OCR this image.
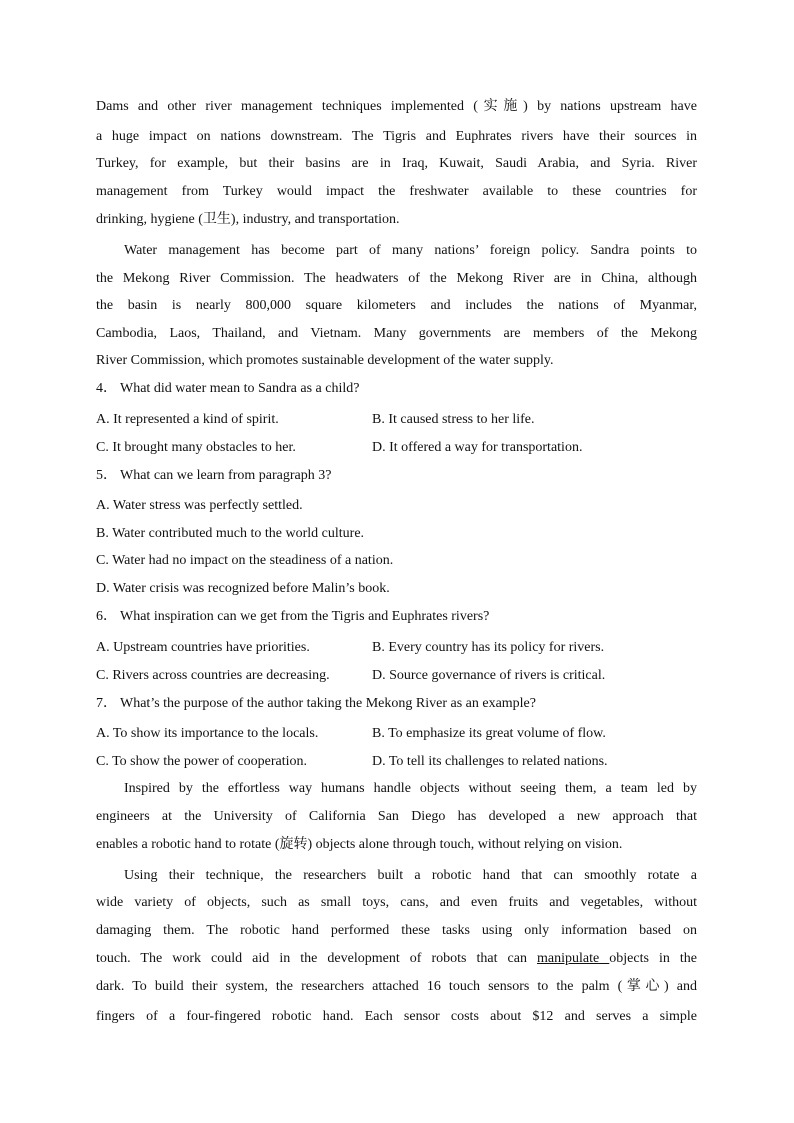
Dams and other river management techniques implemented (实施) by nations upstream have
a huge impact on nations downstream. The Tigris and Euphrates rivers have their sources in
Turkey, for example, but their basins are in Iraq, Kuwait, Saudi Arabia, and Syria. River
management from Turkey would impact the freshwater available to these countries for
drinking, hygiene (卫生), industry, and transportation.
Water management has become part of many nations’ foreign policy. Sandra points to
the Mekong River Commission. The headwaters of the Mekong River are in China, although
the basin is nearly 800,000 square kilometers and includes the nations of Myanmar,
Cambodia, Laos, Thailand, and Vietnam. Many governments are members of the Mekong
River Commission, which promotes sustainable development of the water supply.
4． What did water mean to Sandra as a child?
A. It represented a kind of spirit.	B. It caused stress to her life.
C. It brought many obstacles to her.	D. It offered a way for transportation.
5． What can we learn from paragraph 3?
A. Water stress was perfectly settled.
B. Water contributed much to the world culture.
C. Water had no impact on the steadiness of a nation.
D. Water crisis was recognized before Malin’s book.
6． What inspiration can we get from the Tigris and Euphrates rivers?
A. Upstream countries have priorities.	B. Every country has its policy for rivers.
C. Rivers across countries are decreasing.	D. Source governance of rivers is critical.
7． What’s the purpose of the author taking the Mekong River as an example?
A. To show its importance to the locals.	B. To emphasize its great volume of flow.
C. To show the power of cooperation.	D. To tell its challenges to related nations.
Inspired by the effortless way humans handle objects without seeing them, a team led by
engineers at the University of California San Diego has developed a new approach that
enables a robotic hand to rotate (旋转) objects alone through touch, without relying on vision.
Using their technique, the researchers built a robotic hand that can smoothly rotate a
wide variety of objects, such as small toys, cans, and even fruits and vegetables, without
damaging them. The robotic hand performed these tasks using only information based on
touch. The work could aid in the development of robots that can manipulate objects in the
dark. To build their system, the researchers attached 16 touch sensors to the palm (掌心) and
fingers of a four-fingered robotic hand. Each sensor costs about $12 and serves a simple
